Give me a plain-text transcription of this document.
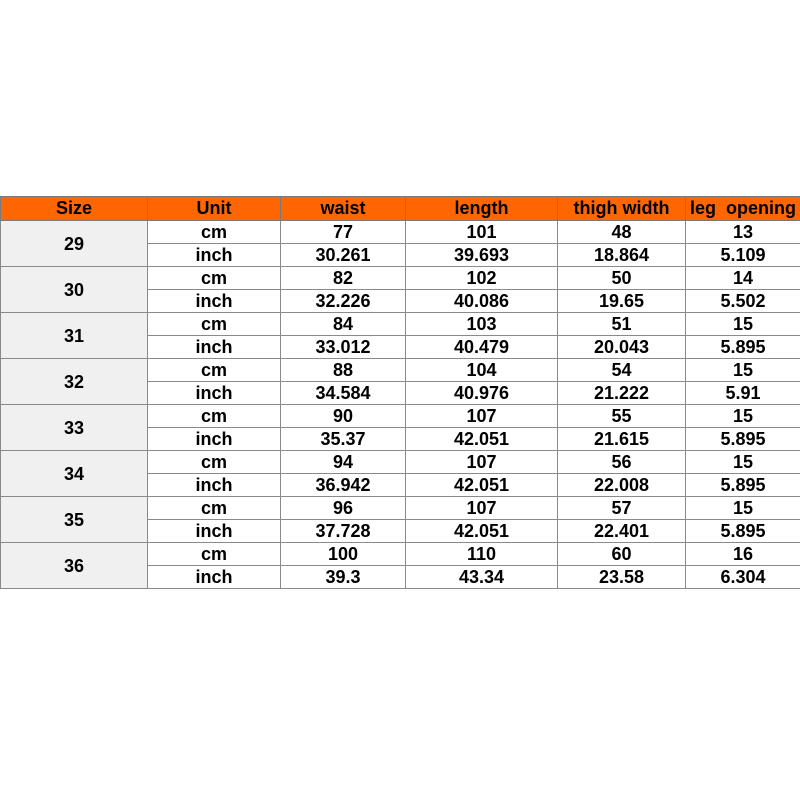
Size	Unit	waist	length	thigh width	leg  opening
29	cm	77	101	48	13
	inch	30.261	39.693	18.864	5.109
30	cm	82	102	50	14
	inch	32.226	40.086	19.65	5.502
31	cm	84	103	51	15
	inch	33.012	40.479	20.043	5.895
32	cm	88	104	54	15
	inch	34.584	40.976	21.222	5.91
33	cm	90	107	55	15
	inch	35.37	42.051	21.615	5.895
34	cm	94	107	56	15
	inch	36.942	42.051	22.008	5.895
35	cm	96	107	57	15
	inch	37.728	42.051	22.401	5.895
36	cm	100	110	60	16
	inch	39.3	43.34	23.58	6.304
